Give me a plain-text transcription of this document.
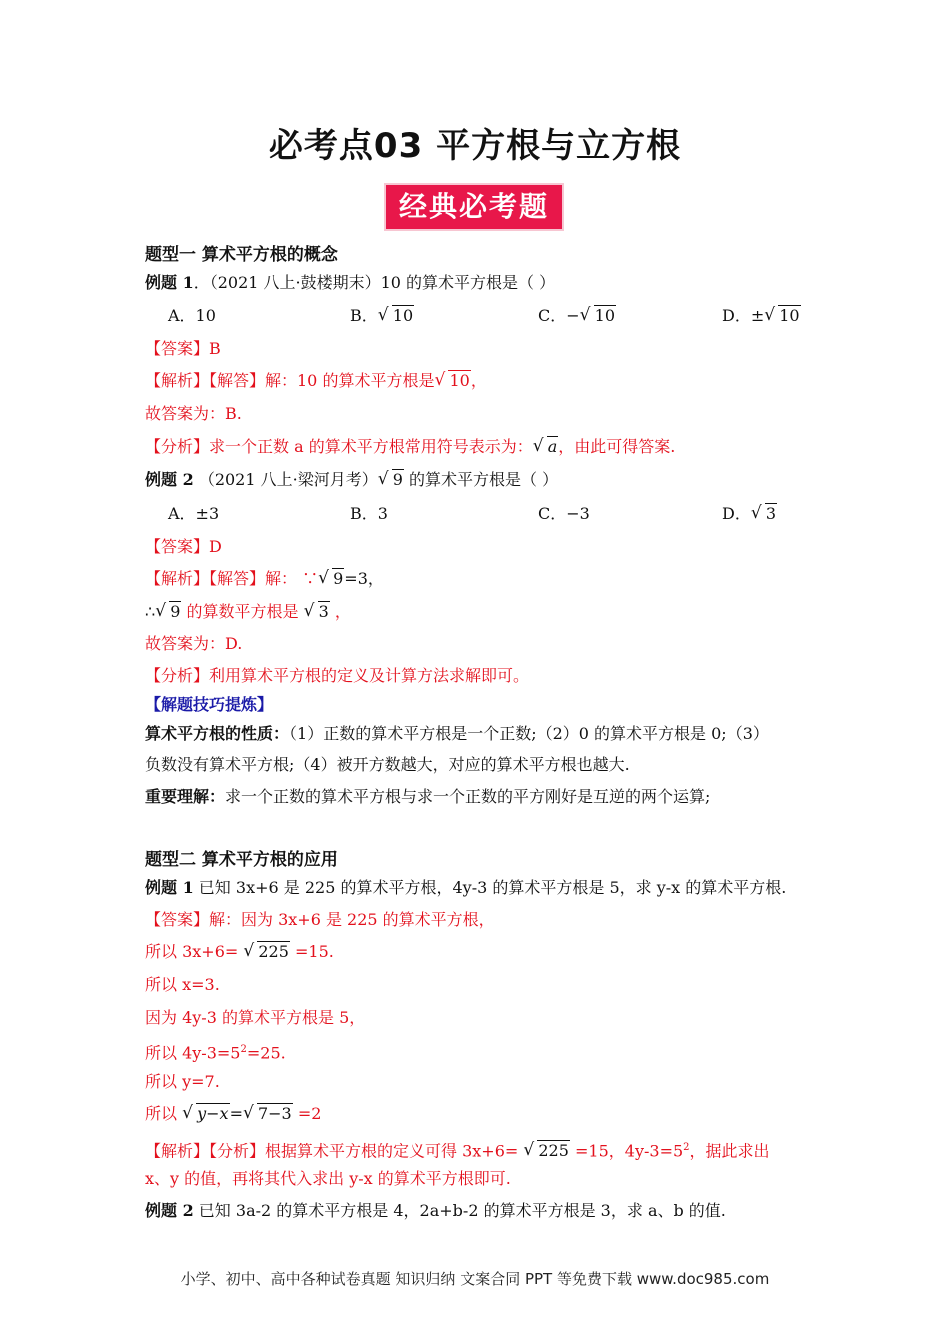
必考点03 平方根与立方根
经典必考题
题型一 算术平方根的概念
例题 1．（2021 八上·鼓楼期末）10 的算术平方根是（ ）
A．10	B． √ 10	C．− √ 10	D．± √ 10
【答案】B
【解析】【解答】解：10 的算术平方根是 √ 10，
故答案为：B.
【分析】求一个正数 a 的算术平方根常用符号表示为： √ a，由此可得答案.
例题 2 （2021 八上·梁河月考） √ 9 的算术平方根是（ ）
A．±3	B．3	C．−3	D． √ 3
【答案】D
【解析】【解答】解： ∵ √ 9=3，
∴ √ 9 的算数平方根是 √ 3 ，
故答案为：D.
【分析】利用算术平方根的定义及计算方法求解即可。
【解题技巧提炼】
算术平方根的性质：（1）正数的算术平方根是一个正数;（2）0 的算术平方根是 0;（3）
负数没有算术平方根;（4）被开方数越大，对应的算术平方根也越大.
重要理解：求一个正数的算术平方根与求一个正数的平方刚好是互逆的两个运算;
题型二 算术平方根的应用
例题 1 已知 3x+6 是 225 的算术平方根，4y-3 的算术平方根是 5，求 y-x 的算术平方根.
【答案】解：因为 3x+6 是 225 的算术平方根，
所以 3x+6= √ 225 =15.
所以 x=3.
因为 4y-3 的算术平方根是 5，
所以 $4y-3=5^2=25$.
所以 y=7.
所以 √ y−x= √ 7−3 =2
【解析】【分析】根据算术平方根的定义可得 3x+6= √ 225 =15，$4y-3=5^2$，据此求出
x、y 的值，再将其代入求出 y-x 的算术平方根即可.
例题 2 已知 3a-2 的算术平方根是 4，2a+b-2 的算术平方根是 3，求 a、b 的值.
小学、初中、高中各种试卷真题 知识归纳 文案合同 PPT 等免费下载 www.doc985.com
